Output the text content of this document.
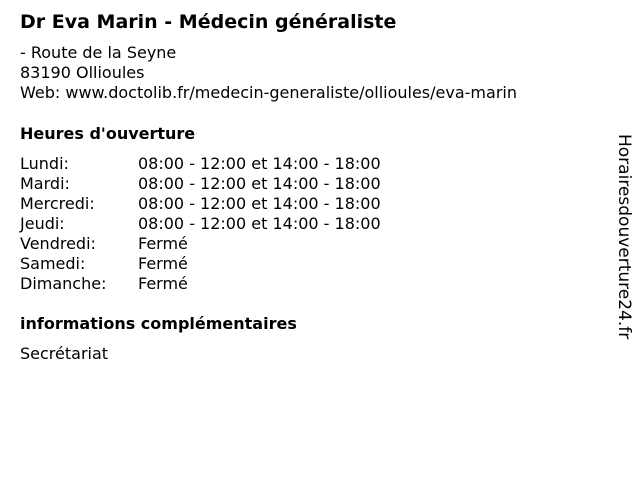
Dr Eva Marin - Médecin généraliste
- Route de la Seyne
83190 Ollioules
Web: www.doctolib.fr/medecin-generaliste/ollioules/eva-marin
Heures d'ouverture
Lundi:	08:00 - 12:00 et 14:00 - 18:00
Mardi:	08:00 - 12:00 et 14:00 - 18:00
Mercredi:	08:00 - 12:00 et 14:00 - 18:00
Jeudi:	08:00 - 12:00 et 14:00 - 18:00
Vendredi:	Fermé
Samedi:	Fermé
Dimanche:	Fermé
informations complémentaires
Secrétariat
Horairesdouverture24.fr
